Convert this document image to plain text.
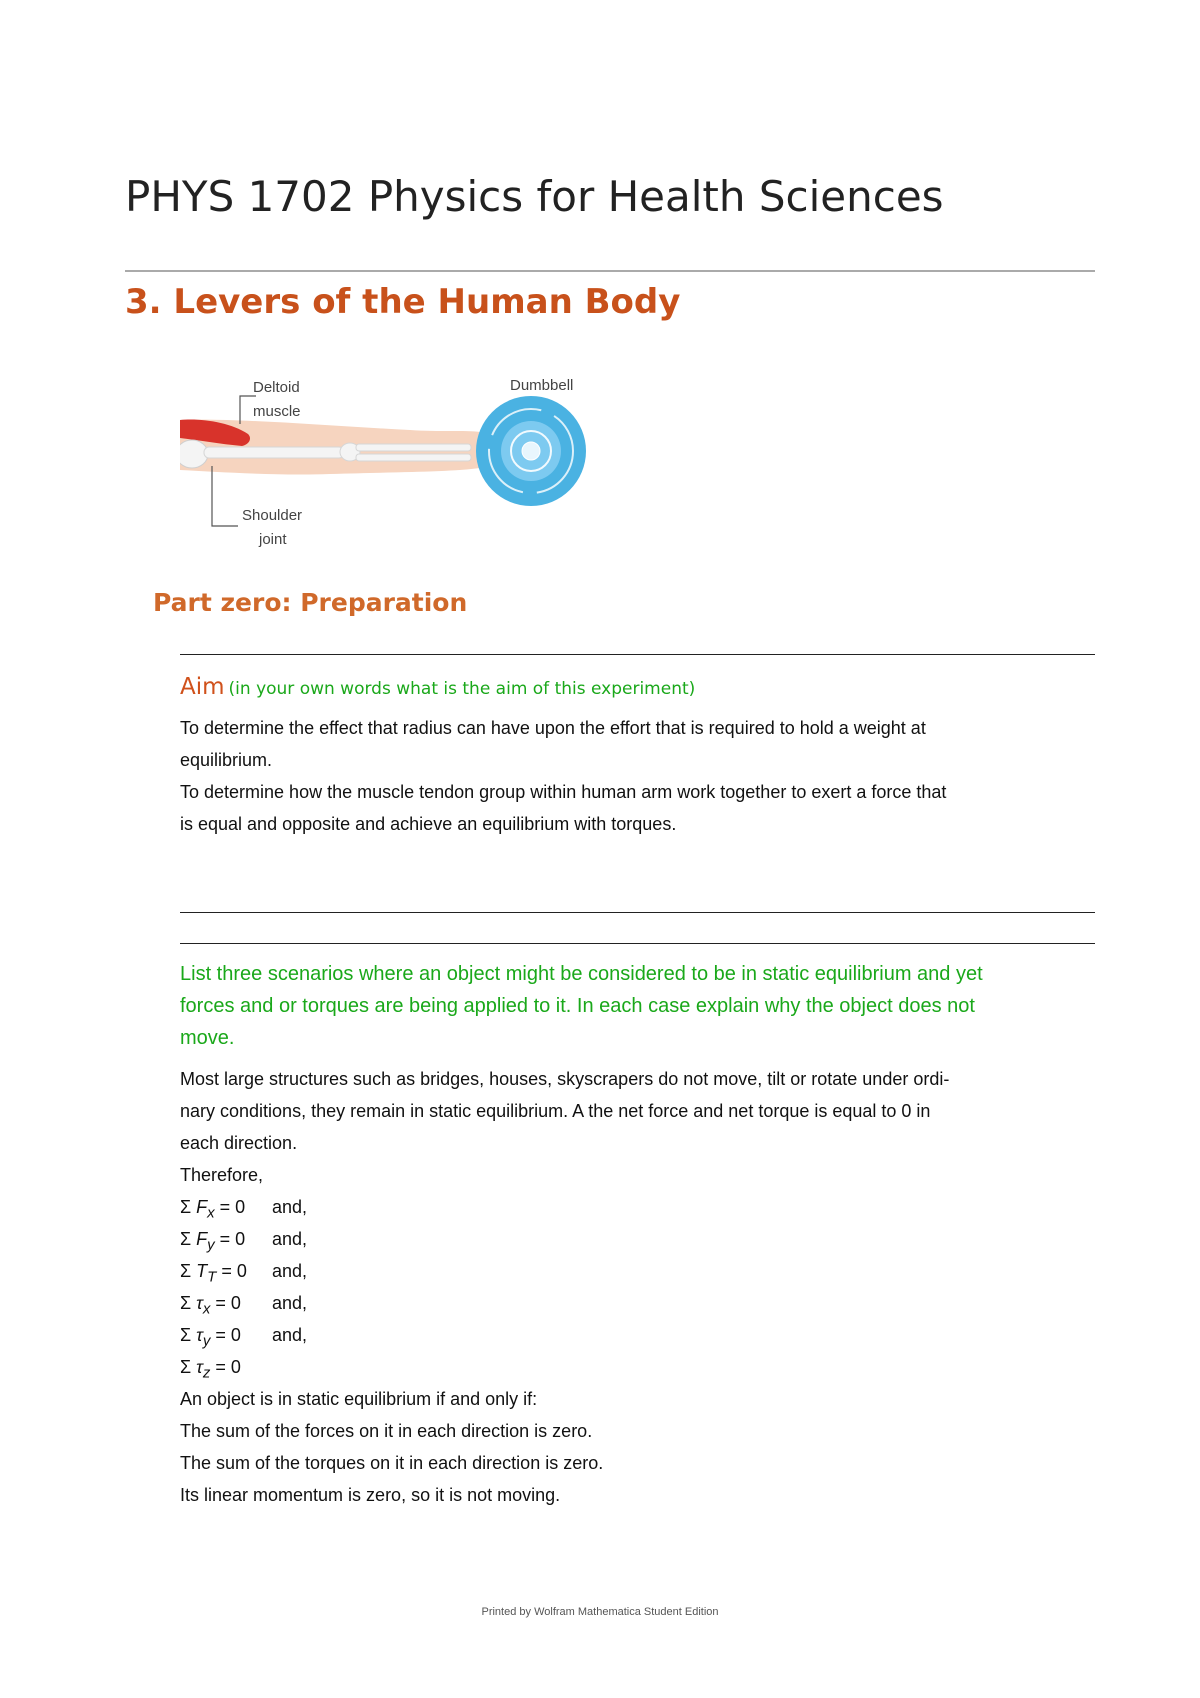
PHYS 1702 Physics for Health Sciences
3. Levers of the Human Body
Deltoid
muscle
Dumbbell
Shoulder
joint
Part zero: Preparation
Aim (in your own words what is the aim of this experiment)
To determine the effect that radius can have upon the effort that is required to hold a weight at
equilibrium.
To determine how the muscle tendon group within human arm work together to exert a force that
is equal and opposite and achieve an equilibrium with torques.
List three scenarios where an object might be considered to be in static equilibrium and yet
forces and or torques are being applied to it. In each case explain why the object does not
move.
Most large structures such as bridges, houses, skyscrapers do not move, tilt or rotate under ordi-
nary conditions, they remain in static equilibrium. A the net force and net torque is equal to 0 in
each direction.
Therefore,
Σ $F_x = 0$ and,
Σ $F_y = 0$ and,
Σ $T_T = 0$ and,
Σ $\tau_x = 0$ and,
Σ $\tau_y = 0$ and,
Σ $\tau_z = 0$
An object is in static equilibrium if and only if:
The sum of the forces on it in each direction is zero.
The sum of the torques on it in each direction is zero.
Its linear momentum is zero, so it is not moving.
Printed by Wolfram Mathematica Student Edition
